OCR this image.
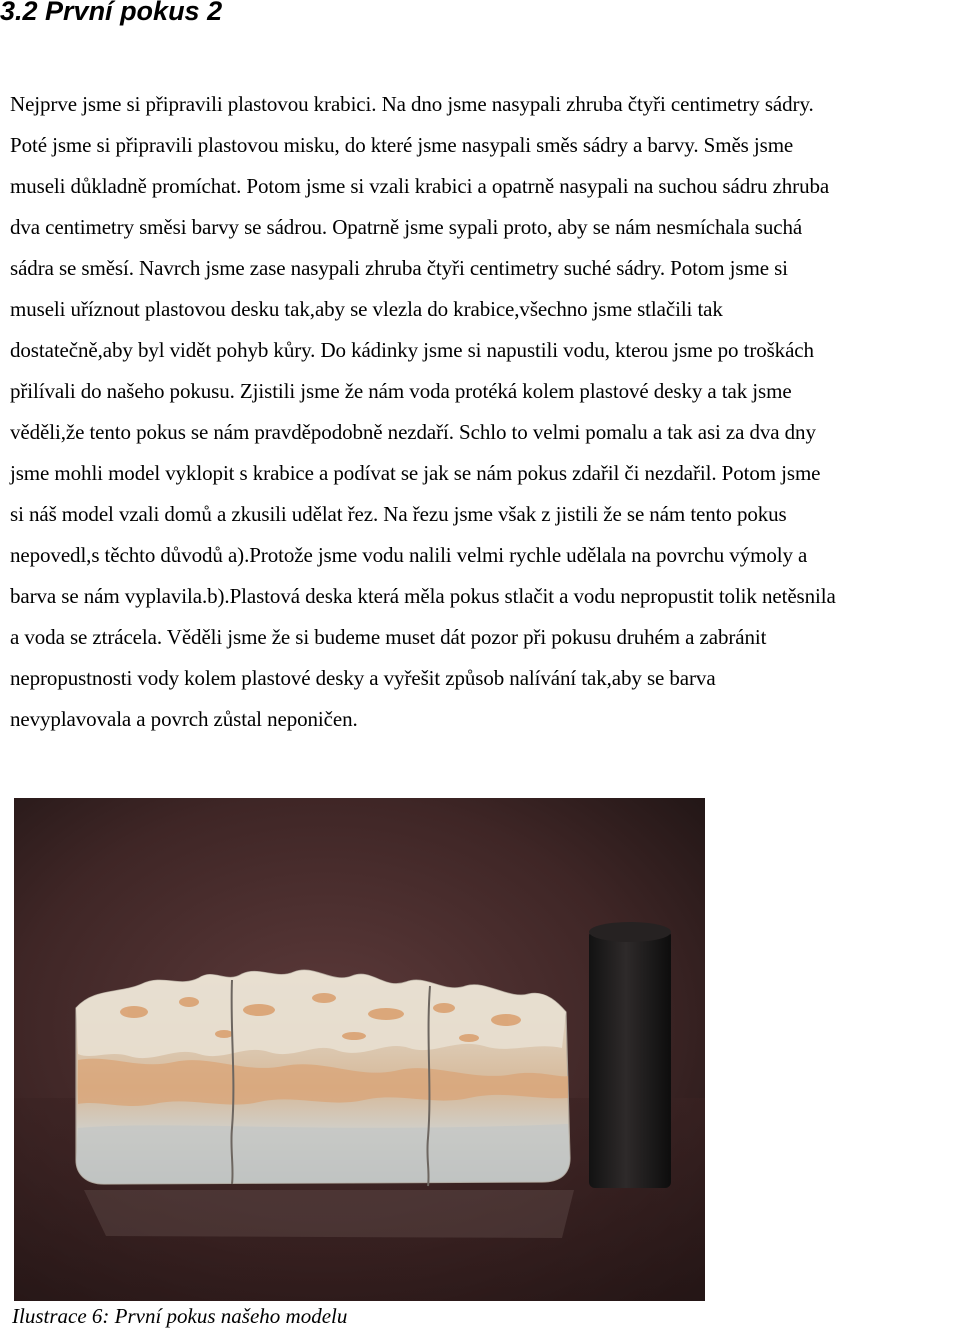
3.2 První pokus 2
Nejprve jsme si připravili plastovou krabici. Na dno jsme nasypali zhruba čtyři centimetry sádry.
Poté jsme si připravili plastovou misku, do které jsme nasypali směs sádry a barvy. Směs jsme
museli důkladně promíchat. Potom jsme si vzali krabici a opatrně nasypali na suchou sádru zhruba
dva centimetry směsi barvy se sádrou. Opatrně jsme sypali proto, aby se nám nesmíchala suchá
sádra se směsí. Navrch jsme zase nasypali zhruba čtyři centimetry suché sádry. Potom jsme si
museli uříznout plastovou desku tak,aby se vlezla do krabice,všechno jsme stlačili tak
dostatečně,aby byl vidět pohyb kůry. Do kádinky jsme si napustili vodu, kterou jsme po troškách
přilívali do našeho pokusu. Zjistili jsme že nám voda protéká kolem plastové desky a tak jsme
věděli,že tento pokus se nám pravděpodobně nezdaří. Schlo to velmi pomalu a tak asi za dva dny
jsme mohli model vyklopit s krabice a podívat se jak se nám pokus zdařil či nezdařil. Potom jsme
si náš model vzali domů a zkusili udělat řez. Na řezu jsme však z jistili že se nám tento pokus
nepovedl,s těchto důvodů a).Protože jsme vodu nalili velmi rychle udělala na povrchu výmoly a
barva se nám vyplavila.b).Plastová deska která měla pokus stlačit a vodu nepropustit tolik netěsnila
a voda se ztrácela. Věděli jsme že si budeme muset dát pozor při pokusu druhém a zabránit
nepropustnosti vody kolem plastové desky a vyřešit způsob nalívání tak,aby se barva
nevyplavovala a povrch zůstal neponičen.

Ilustrace 6: První pokus našeho modelu
